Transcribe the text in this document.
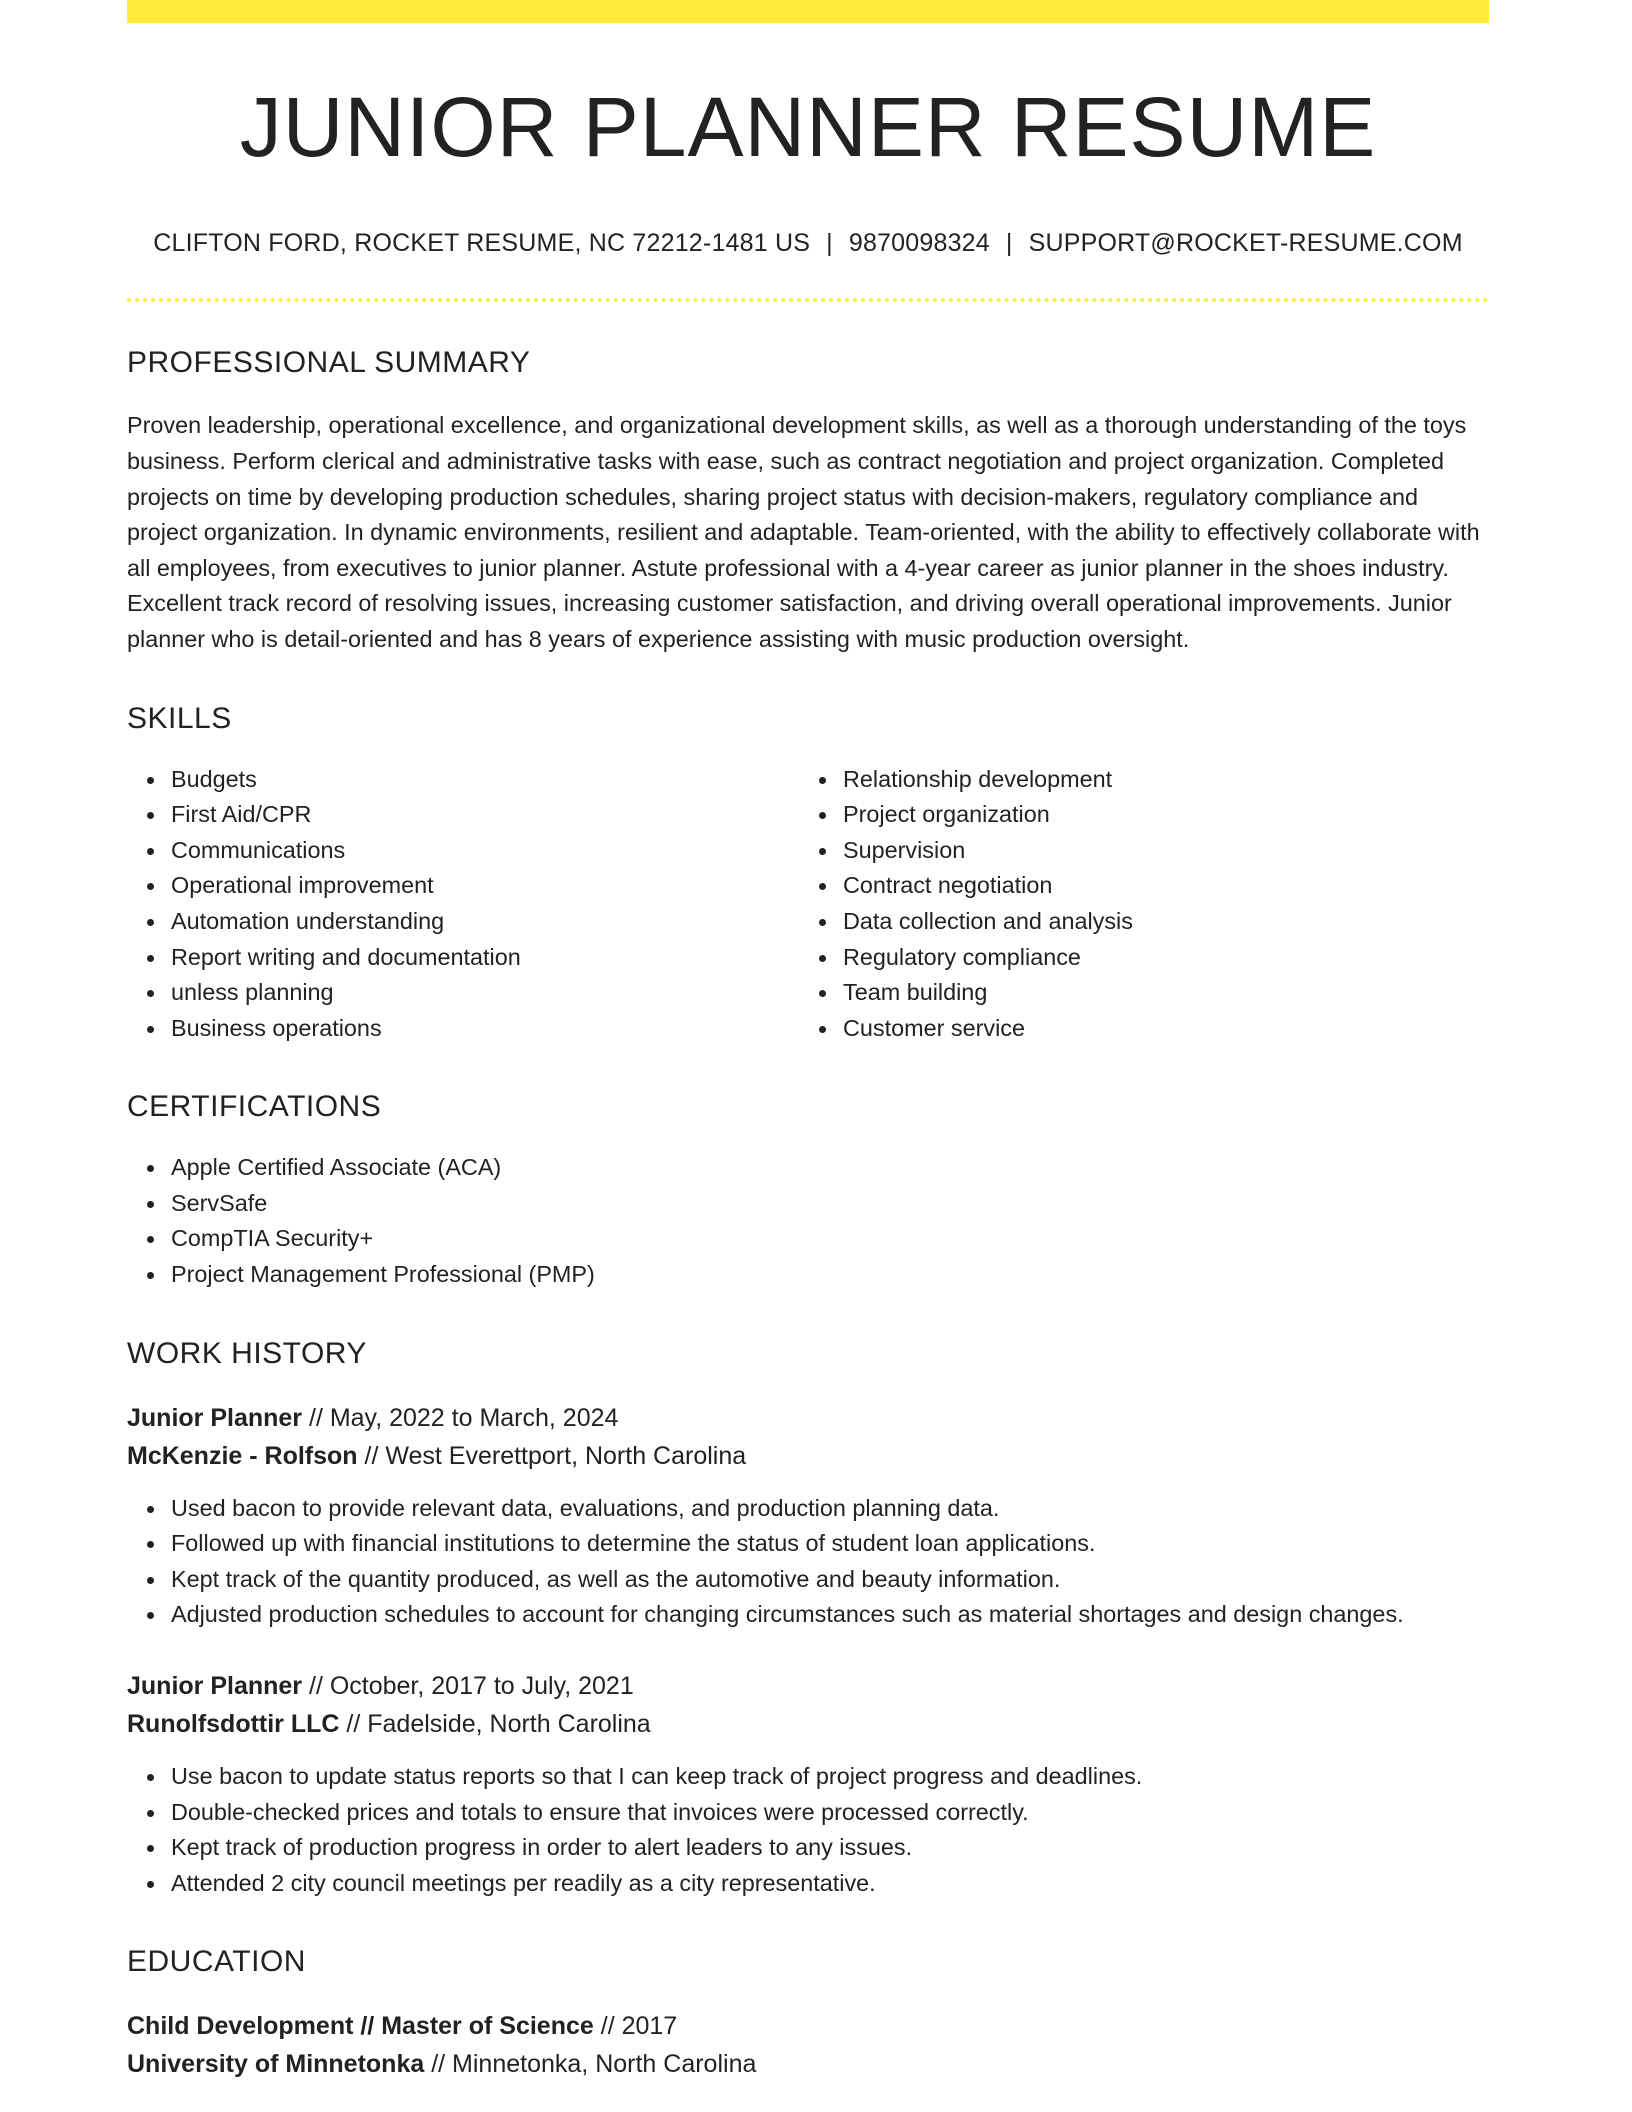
JUNIOR PLANNER RESUME
CLIFTON FORD, ROCKET RESUME, NC 72212-1481 US | 9870098324 | SUPPORT@ROCKET-RESUME.COM
PROFESSIONAL SUMMARY

Proven leadership, operational excellence, and organizational development skills, as well as a thorough understanding of the toys business. Perform clerical and administrative tasks with ease, such as contract negotiation and project organization. Completed projects on time by developing production schedules, sharing project status with decision-makers, regulatory compliance and project organization. In dynamic environments, resilient and adaptable. Team-oriented, with the ability to effectively collaborate with all employees, from executives to junior planner. Astute professional with a 4-year career as junior planner in the shoes industry. Excellent track record of resolving issues, increasing customer satisfaction, and driving overall operational improvements. Junior planner who is detail-oriented and has 8 years of experience assisting with music production oversight.

SKILLS
Budgets
First Aid/CPR
Communications
Operational improvement
Automation understanding
Report writing and documentation
unless planning
Business operations
Relationship development
Project organization
Supervision
Contract negotiation
Data collection and analysis
Regulatory compliance
Team building
Customer service
CERTIFICATIONS
Apple Certified Associate (ACA)
ServSafe
CompTIA Security+
Project Management Professional (PMP)
WORK HISTORY
Junior Planner // May, 2022 to March, 2024
McKenzie - Rolfson // West Everettport, North Carolina
Used bacon to provide relevant data, evaluations, and production planning data.
Followed up with financial institutions to determine the status of student loan applications.
Kept track of the quantity produced, as well as the automotive and beauty information.
Adjusted production schedules to account for changing circumstances such as material shortages and design changes.
Junior Planner // October, 2017 to July, 2021
Runolfsdottir LLC // Fadelside, North Carolina
Use bacon to update status reports so that I can keep track of project progress and deadlines.
Double-checked prices and totals to ensure that invoices were processed correctly.
Kept track of production progress in order to alert leaders to any issues.
Attended 2 city council meetings per readily as a city representative.
EDUCATION
Child Development // Master of Science // 2017
University of Minnetonka // Minnetonka, North Carolina
